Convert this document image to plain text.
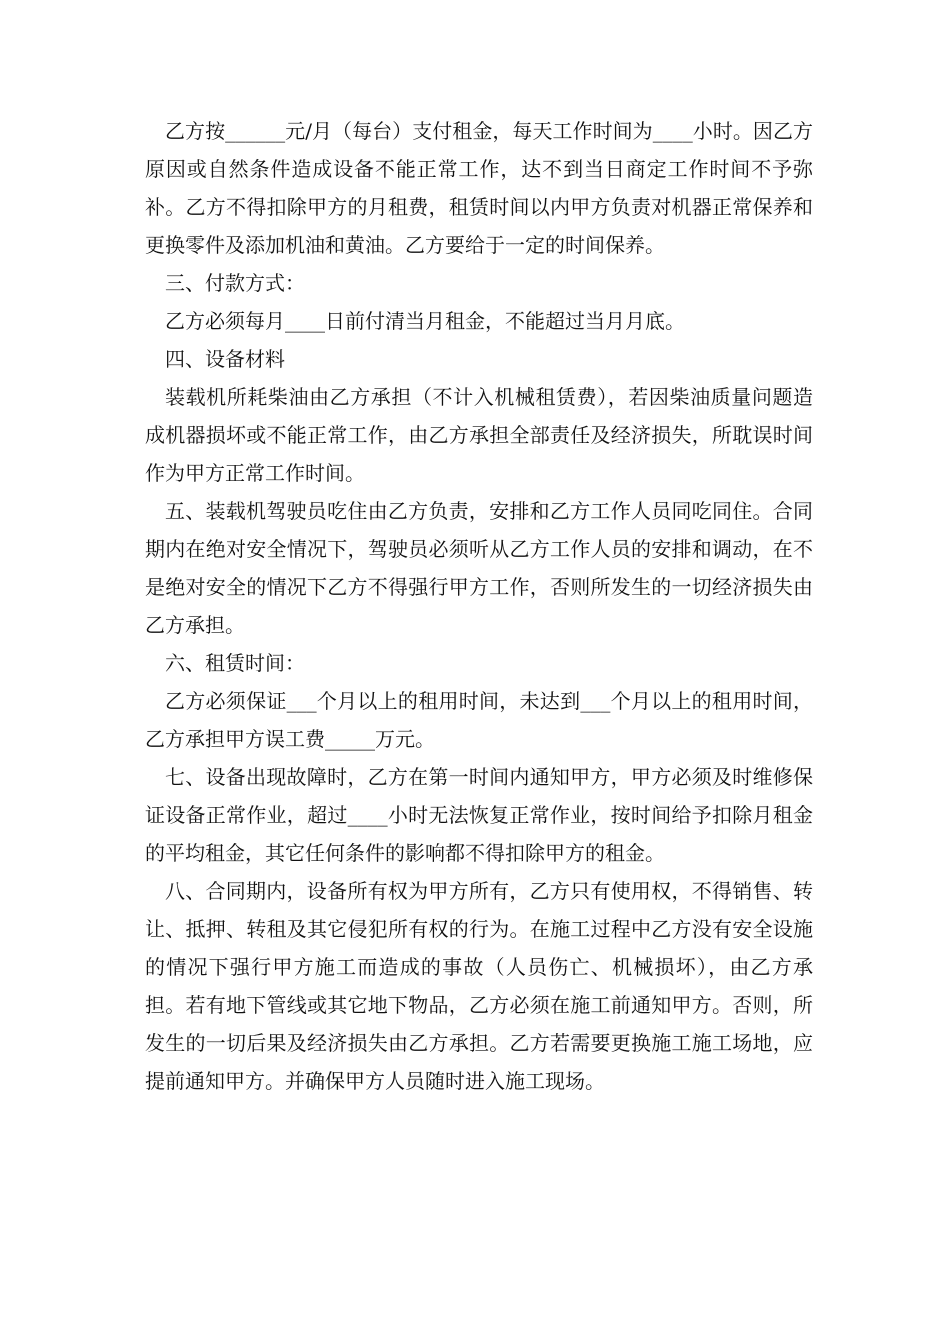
乙方按______元/月（每台）支付租金，每天工作时间为____小时。因乙方原因或自然条件造成设备不能正常工作，达不到当日商定工作时间不予弥补。乙方不得扣除甲方的月租费，租赁时间以内甲方负责对机器正常保养和更换零件及添加机油和黄油。乙方要给于一定的时间保养。

三、付款方式：

乙方必须每月____日前付清当月租金，不能超过当月月底。

四、设备材料

装载机所耗柴油由乙方承担（不计入机械租赁费），若因柴油质量问题造成机器损坏或不能正常工作，由乙方承担全部责任及经济损失，所耽误时间作为甲方正常工作时间。

五、装载机驾驶员吃住由乙方负责，安排和乙方工作人员同吃同住。合同期内在绝对安全情况下，驾驶员必须听从乙方工作人员的安排和调动，在不是绝对安全的情况下乙方不得强行甲方工作，否则所发生的一切经济损失由乙方承担。

六、租赁时间：

乙方必须保证___个月以上的租用时间，未达到___个月以上的租用时间，乙方承担甲方误工费_____万元。

七、设备出现故障时，乙方在第一时间内通知甲方，甲方必须及时维修保证设备正常作业，超过____小时无法恢复正常作业，按时间给予扣除月租金的平均租金，其它任何条件的影响都不得扣除甲方的租金。

八、合同期内，设备所有权为甲方所有，乙方只有使用权，不得销售、转让、抵押、转租及其它侵犯所有权的行为。在施工过程中乙方没有安全设施的情况下强行甲方施工而造成的事故（人员伤亡、机械损坏），由乙方承担。若有地下管线或其它地下物品，乙方必须在施工前通知甲方。否则，所发生的一切后果及经济损失由乙方承担。乙方若需要更换施工施工场地，应提前通知甲方。并确保甲方人员随时进入施工现场。
